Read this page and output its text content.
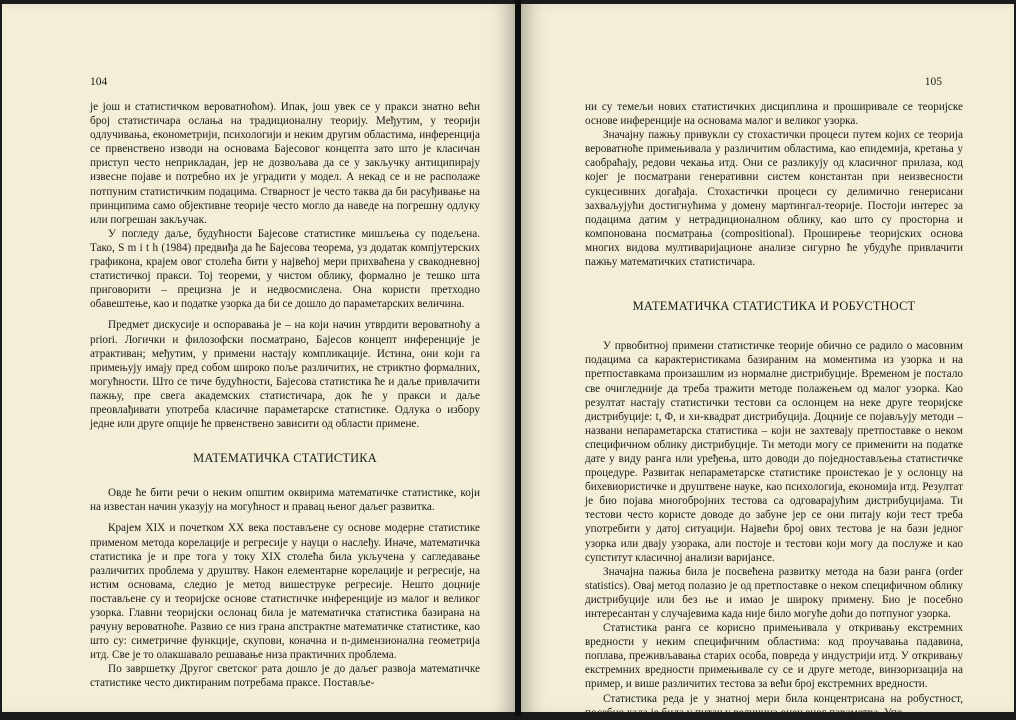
104

је још и статистичком вероватноћом). Ипак, још увек се у пракси знатно већи број статистичара ослања на традиционалну теорију. Међутим, у теорији одлучивања, економетрији, психологији и неким другим областима, инференција се првенствено изводи на основама Бајесовог концепта зато што је класичан приступ често неприкладан, јер не дозвољава да се у закључку антиципирају извесне појаве и потребно их је уградити у модел. А некад се и не располаже потпуним статистичким подацима. Стварност је често таква да би расуђивање на принципима само објективне теорије често могло да наведе на погрешну одлуку или погрешан закључак.

У погледу даље, будућности Бајесове статистике мишљења су подељена. Тако, S m i t h (1984) предвиђа да ће Бајесова теорема, уз додатак компјутерских графикона, крајем овог столећа бити у највећој мери прихваћена у свакодневној статистичкој пракси. Тој теореми, у чистом облику, формално је тешко шта приговорити – прецизна је и недвосмислена. Она користи претходно обавештење, као и податке узорка да би се дошло до параметарских величина.

Предмет дискусије и оспоравања је – на који начин утврдити вероватноћу a priori. Логички и филозофски посматрано, Бајесов концепт инференције је атрактиван; међутим, у примени настају компликације. Истина, они који га примењују имају пред собом широко поље различитих, не стриктно формалних, могућности. Што се тиче будућности, Бајесова статистика ће и даље привлачити пажњу, пре свега академских статистичара, док ће у пракси и даље преовлађивати употреба класичне параметарске статистике. Одлука о избору једне или друге опције ће првенствено зависити од области примене.

МАТЕМАТИЧКА СТАТИСТИКА

Овде ће бити речи о неким општим оквирима математичке статистике, који на известан начин указују на могућност и правац њеног даљег развитка.

Крајем XIX и почетком XX века постављене су основе модерне статистике применом метода корелације и регресије у науци о наслеђу. Иначе, математичка статистика је и пре тога у току XIX столећа била укључена у сагледавање различитих проблема у друштву. Након елементарне корелације и регресије, на истим основама, следио је метод вишеструке регресије. Нешто доцније постављене су и теоријске основе статистичке инференције из малог и великог узорка. Главни теоријски ослонац била је математичка статистика базирана на рачуну вероватноће. Развио се низ грана апстрактне математичке статистике, као што су: симетричне функције, скупови, коначна и n-димензионална геометрија итд. Све је то олакшавало решавање низа практичних проблема.

По завршетку Другог светског рата дошло је до даљег развоја математичке статистике често диктираним потребама праксе. Поставље-

105

ни су темељи нових статистичких дисциплина и проширивале се теоријске основе инференције на основама малог и великог узорка.

Значајну пажњу привукли су стохастички процеси путем којих се теорија вероватноће примењивала у различитим областима, као епидемија, кретања у саобраћају, редови чекања итд. Они се разликују од класичног прилаза, код којег је посматрани генеративни систем константан при неизвесности сукцесивних догађаја. Стохастички процеси су делимично генерисани захваљујући достигнућима у домену мартингал-теорије. Постоји интерес за подацима датим у нетрадиционалном облику, као што су просторна и компонована посматрања (compositional). Проширење теоријских основа многих видова мултиваријационе анализе сигурно ће убудуће привлачити пажњу математичких статистичара.

МАТЕМАТИЧКА СТАТИСТИКА И РОБУСТНОСТ

У првобитној примени статистичке теорије обично се радило о масовним подацима са карактеристикама базираним на моментима из узорка и на претпоставкама произашлим из нормалне дистрибуције. Временом је постало све очигледније да треба тражити методе полажењем од малог узорка. Као резултат настају статистички тестови са ослонцем на неке друге теоријске дистрибуције: t, Φ, и хи-квадрат дистрибуција. Доцније се појављују методи – названи непараметарска статистика – који не захтевају претпоставке о неком специфичном облику дистрибуције. Ти методи могу се применити на податке дате у виду ранга или уређења, што доводи до поједностављења статистичке процедуре. Развитак непараметарске статистике проистекао је у ослонцу на бихевиористичке и друштвене науке, као психологија, економија итд. Резултат је био појава многобројних тестова са одговарајућим дистрибуцијама. Ти тестови често користе доводе до забуне јер се они питају који тест треба употребити у датој ситуацији. Највећи број ових тестова је на бази једног узорка или двају узорака, али постоје и тестови који могу да послуже и као супститут класичној анализи варијансе.

Значајна пажња била је посвећена развитку метода на бази ранга (order statistics). Овај метод полазио је од претпоставке о неком специфичном облику дистрибуције или без ње и имао је широку примену. Био је посебно интересантан у случајевима када није било могуће доћи до потпуног узорка.

Статистика ранга се корисно примењивала у откривању екстремних вредности у неким специфичним областима: код проучавања падавина, поплава, преживљавања старих особа, повреда у индустрији итд. У откривању екстремних вредности примењивале су се и друге методе, винзоризација на пример, и више различитих тестова за већи број екстремних вредности.

Статистика реда је у знатној мери била концентрисана на робустност, посебно када је била у питању величина оцењеног параметра. Упо-
